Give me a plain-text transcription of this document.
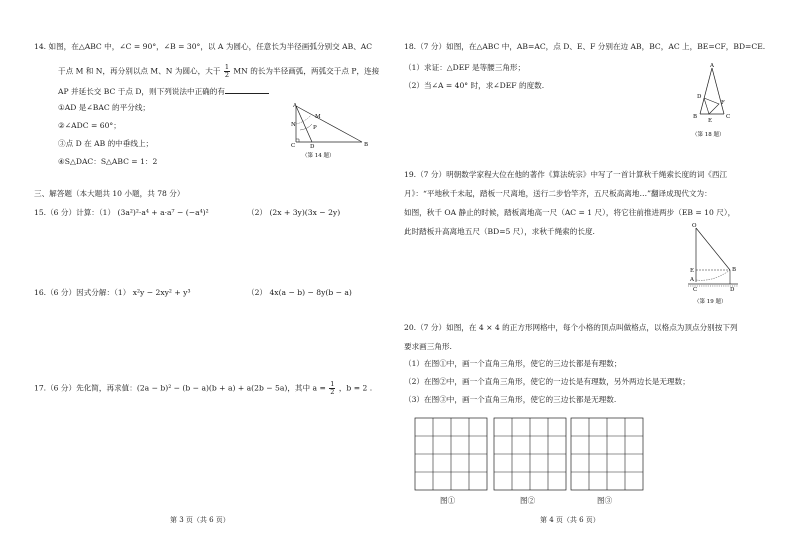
14. 如图，在△ABC 中，∠C = 90°，∠B = 30°，以 A 为圆心，任意长为半径画弧分别交 AB、AC
于点 M 和 N，再分别以点 M、N 为圆心，大于 $\frac{1}{2}$ MN 的长为半径画弧，两弧交于点 P，连接
AP 并延长交 BC 于点 D，则下列说法中正确的有
①AD 是∠BAC 的平分线；
②∠ADC = 60°；
③点 D 在 AB 的中垂线上；
④S△DAC：S△ABC = 1：2
A
B
C	D
M
N	P
（第 14 题）
三、解答题（本大题共 10 小题，共 78 分）
15.（6 分）计算：（1） (3a²)²·a⁴ + a·a⁷ − (−a⁴)²	（2） (2x + 3y)(3x − 2y)
16.（6 分）因式分解：（1） x²y − 2xy² + y³	（2） 4x(a − b) − 8y(b − a)
17.（6 分）先化简，再求值：(2a − b)² − (b − a)(b + a) + a(2b − 5a)，其中 $a = \frac{1}{2}$ ，b = 2 .
第 3 页（共 6 页）
18.（7 分）如图，在△ABC 中，AB=AC，点 D、E、F 分别在边 AB，BC，AC 上，BE=CF，BD=CE.
（1）求证：△DEF 是等腰三角形；
（2）当∠A = 40° 时，求∠DEF 的度数.
A
B	C
D
E
F
（第 18 题）
19.（7 分）明朝数学家程大位在他的著作《算法统宗》中写了一首计算秋千绳索长度的词《西江
月》：“平地秋千未起，踏板一尺离地，送行二步恰竿齐，五尺板高离地…”翻译成现代文为：
如图，秋千 OA 静止的时候，踏板离地高一尺（AC = 1 尺），将它往前推进两步（EB = 10 尺），
此时踏板升高离地五尺（BD=5 尺），求秋千绳索的长度.
O
E	B
A
C	D
（第 19 题）
20.（7 分）如图，在 4 × 4 的正方形网格中，每个小格的顶点叫做格点，以格点为顶点分别按下列
要求画三角形.
（1）在图①中，画一个直角三角形，使它的三边长都是有理数；
（2）在图②中，画一个直角三角形，使它的一边长是有理数，另外两边长是无理数；
（3）在图③中，画一个直角三角形，使它的三边长都是无理数.
图①	图②	图③
第 4 页（共 6 页）
